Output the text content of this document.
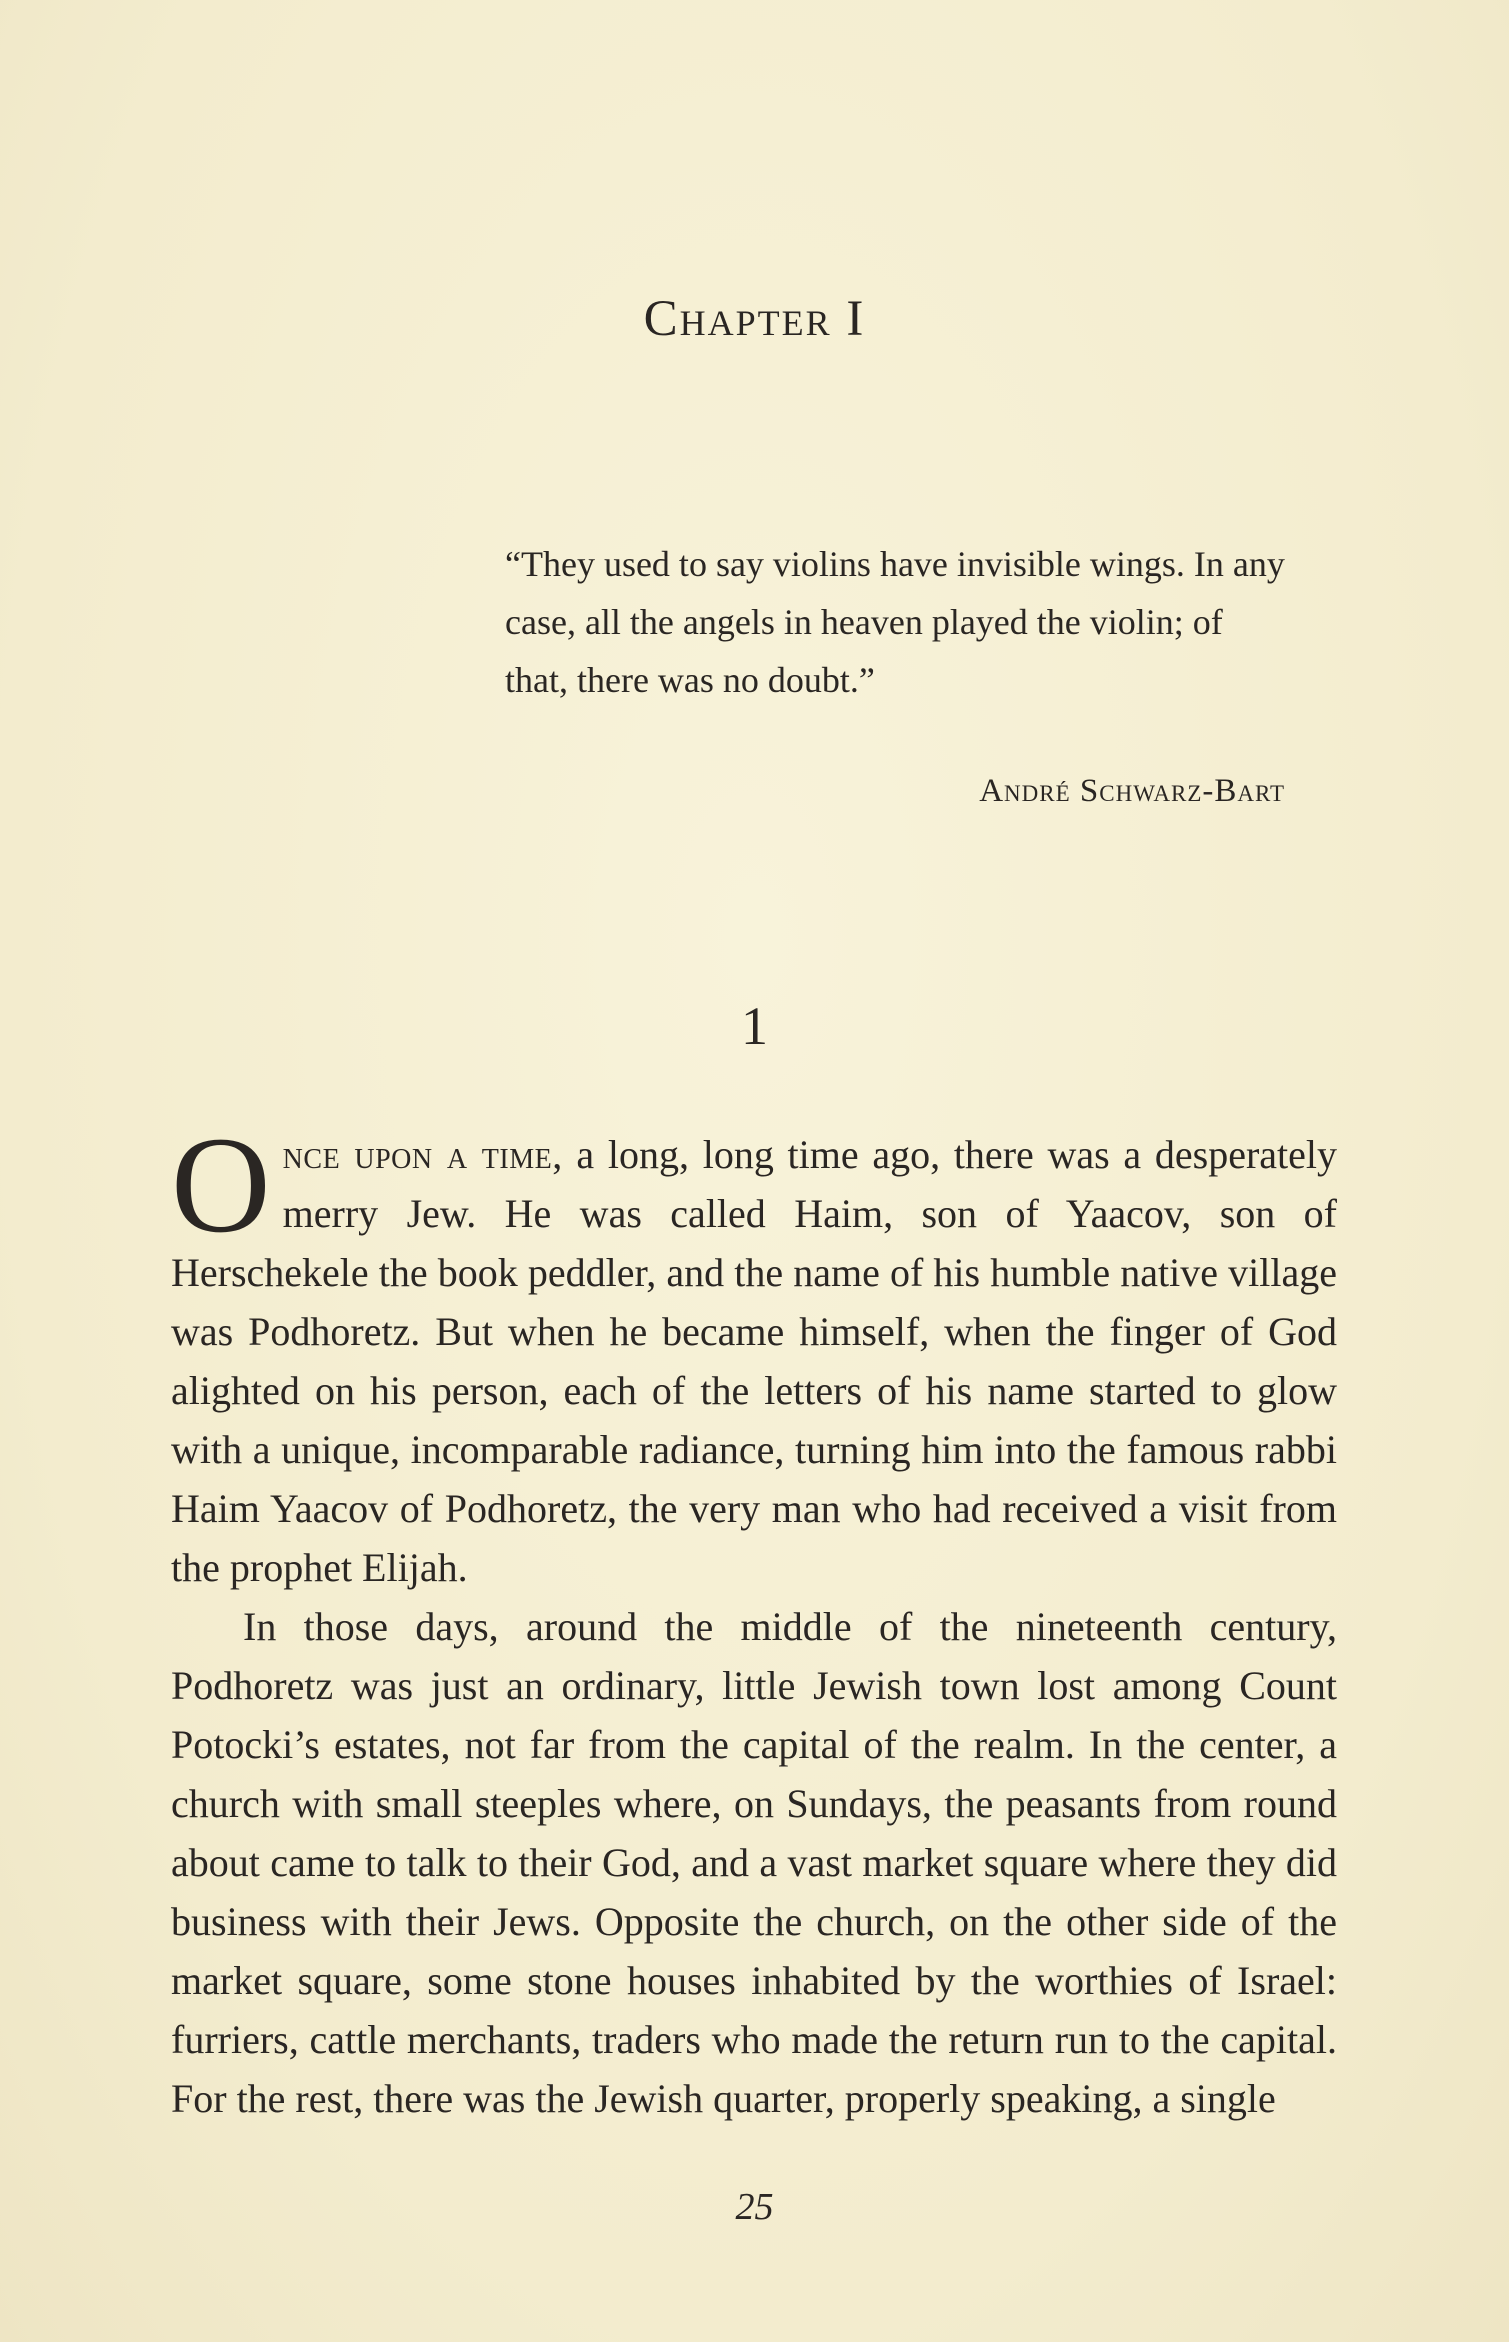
Chapter I

“They used to say violins have invisible wings. In any case, all the angels in heaven played the violin; of that, there was no doubt.”

André Schwarz-Bart

1

Once upon a time, a long, long time ago, there was a desperately merry Jew. He was called Haim, son of Yaacov, son of Herschekele the book peddler, and the name of his humble native village was Podhoretz. But when he became himself, when the finger of God alighted on his person, each of the letters of his name started to glow with a unique, incomparable radiance, turning him into the famous rabbi Haim Yaacov of Podhoretz, the very man who had received a visit from the prophet Elijah.

In those days, around the middle of the nineteenth century, Podhoretz was just an ordinary, little Jewish town lost among Count Potocki’s estates, not far from the capital of the realm. In the center, a church with small steeples where, on Sundays, the peasants from round about came to talk to their God, and a vast market square where they did business with their Jews. Opposite the church, on the other side of the market square, some stone houses inhabited by the worthies of Israel: furriers, cattle merchants, traders who made the return run to the capital. For the rest, there was the Jewish quarter, properly speaking, a single

25
